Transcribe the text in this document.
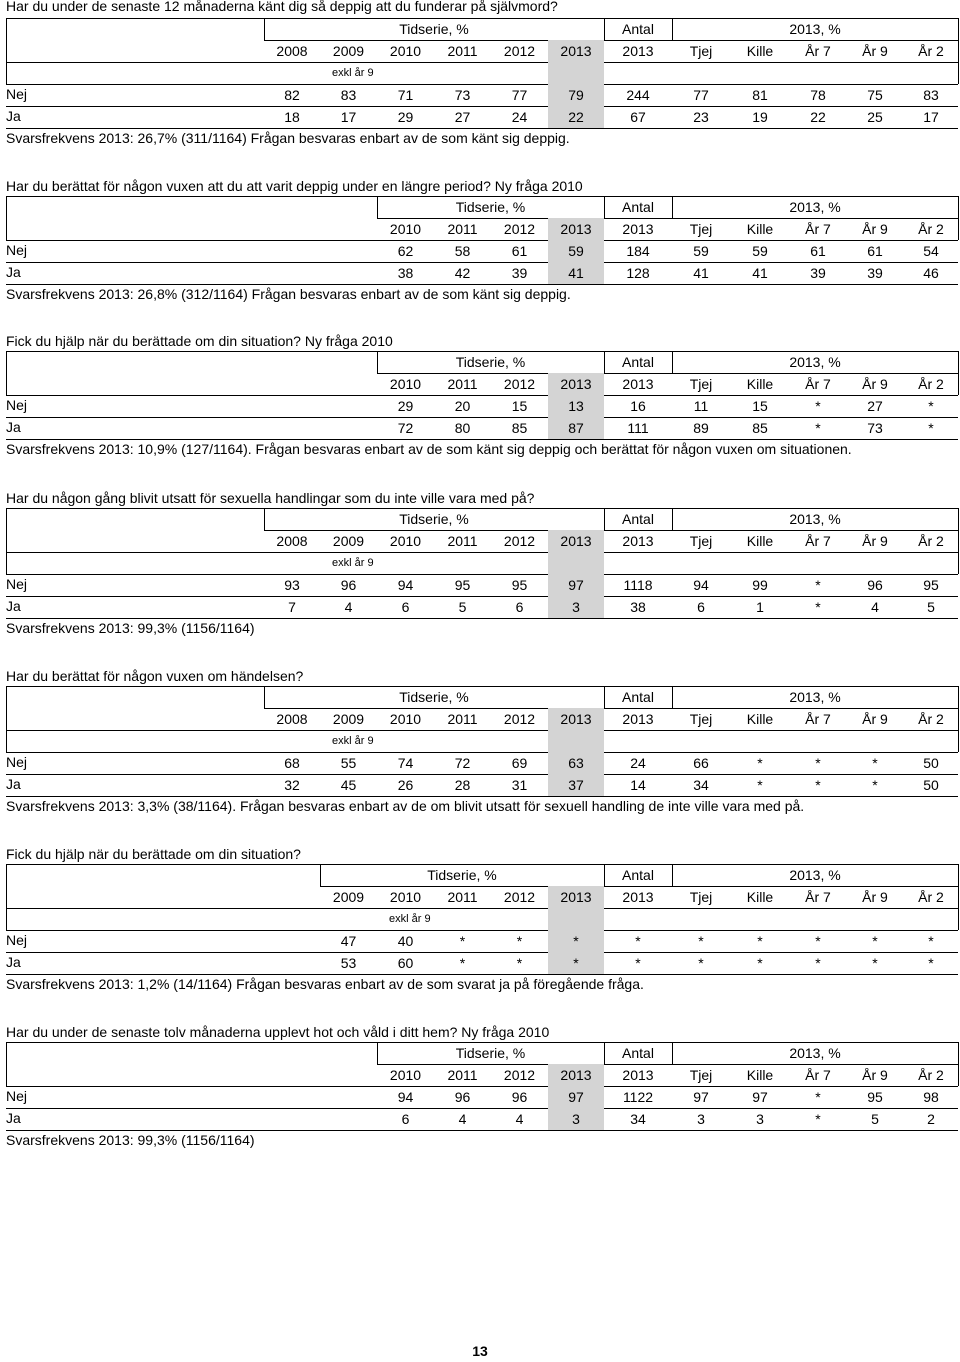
Har du under de senaste 12 månaderna känt dig så deppig att du funderar på självmord?
Tidserie, %	Antal	2013, %
2008	2009	2010	2011	2012	2013	2013	Tjej	Kille	År 7	År 9	År 2
exkl år 9
Nej	82	83	71	73	77	79	244	77	81	78	75	83
Ja	18	17	29	27	24	22	67	23	19	22	25	17
Svarsfrekvens 2013: 26,7% (311/1164) Frågan besvaras enbart av de som känt sig deppig.
Har du berättat för någon vuxen att du att varit deppig under en längre period? Ny fråga 2010
Tidserie, %	Antal	2013, %
2010	2011	2012	2013	2013	Tjej	Kille	År 7	År 9	År 2
Nej	62	58	61	59	184	59	59	61	61	54
Ja	38	42	39	41	128	41	41	39	39	46
Svarsfrekvens 2013: 26,8% (312/1164) Frågan besvaras enbart av de som känt sig deppig.
Fick du hjälp när du berättade om din situation? Ny fråga 2010
Tidserie, %	Antal	2013, %
2010	2011	2012	2013	2013	Tjej	Kille	År 7	År 9	År 2
Nej	29	20	15	13	16	11	15	*	27	*
Ja	72	80	85	87	111	89	85	*	73	*
Svarsfrekvens 2013: 10,9% (127/1164). Frågan besvaras enbart av de som känt sig deppig och berättat för någon vuxen om situationen.
Har du någon gång blivit utsatt för sexuella handlingar som du inte ville vara med på?
Tidserie, %	Antal	2013, %
2008	2009	2010	2011	2012	2013	2013	Tjej	Kille	År 7	År 9	År 2
exkl år 9
Nej	93	96	94	95	95	97	1118	94	99	*	96	95
Ja	7	4	6	5	6	3	38	6	1	*	4	5
Svarsfrekvens 2013: 99,3% (1156/1164)
Har du berättat för någon vuxen om händelsen?
Tidserie, %	Antal	2013, %
2008	2009	2010	2011	2012	2013	2013	Tjej	Kille	År 7	År 9	År 2
exkl år 9
Nej	68	55	74	72	69	63	24	66	*	*	*	50
Ja	32	45	26	28	31	37	14	34	*	*	*	50
Svarsfrekvens 2013: 3,3% (38/1164). Frågan besvaras enbart av de om blivit utsatt för sexuell handling de inte ville vara med på.
Fick du hjälp när du berättade om din situation?
Tidserie, %	Antal	2013, %
2009	2010	2011	2012	2013	2013	Tjej	Kille	År 7	År 9	År 2
exkl år 9
Nej	47	40	*	*	*	*	*	*	*	*	*
Ja	53	60	*	*	*	*	*	*	*	*	*
Svarsfrekvens 2013: 1,2% (14/1164) Frågan besvaras enbart av de som svarat ja på föregående fråga.
Har du under de senaste tolv månaderna upplevt hot och våld i ditt hem? Ny fråga 2010
Tidserie, %	Antal	2013, %
2010	2011	2012	2013	2013	Tjej	Kille	År 7	År 9	År 2
Nej	94	96	96	97	1122	97	97	*	95	98
Ja	6	4	4	3	34	3	3	*	5	2
Svarsfrekvens 2013: 99,3% (1156/1164)
13
